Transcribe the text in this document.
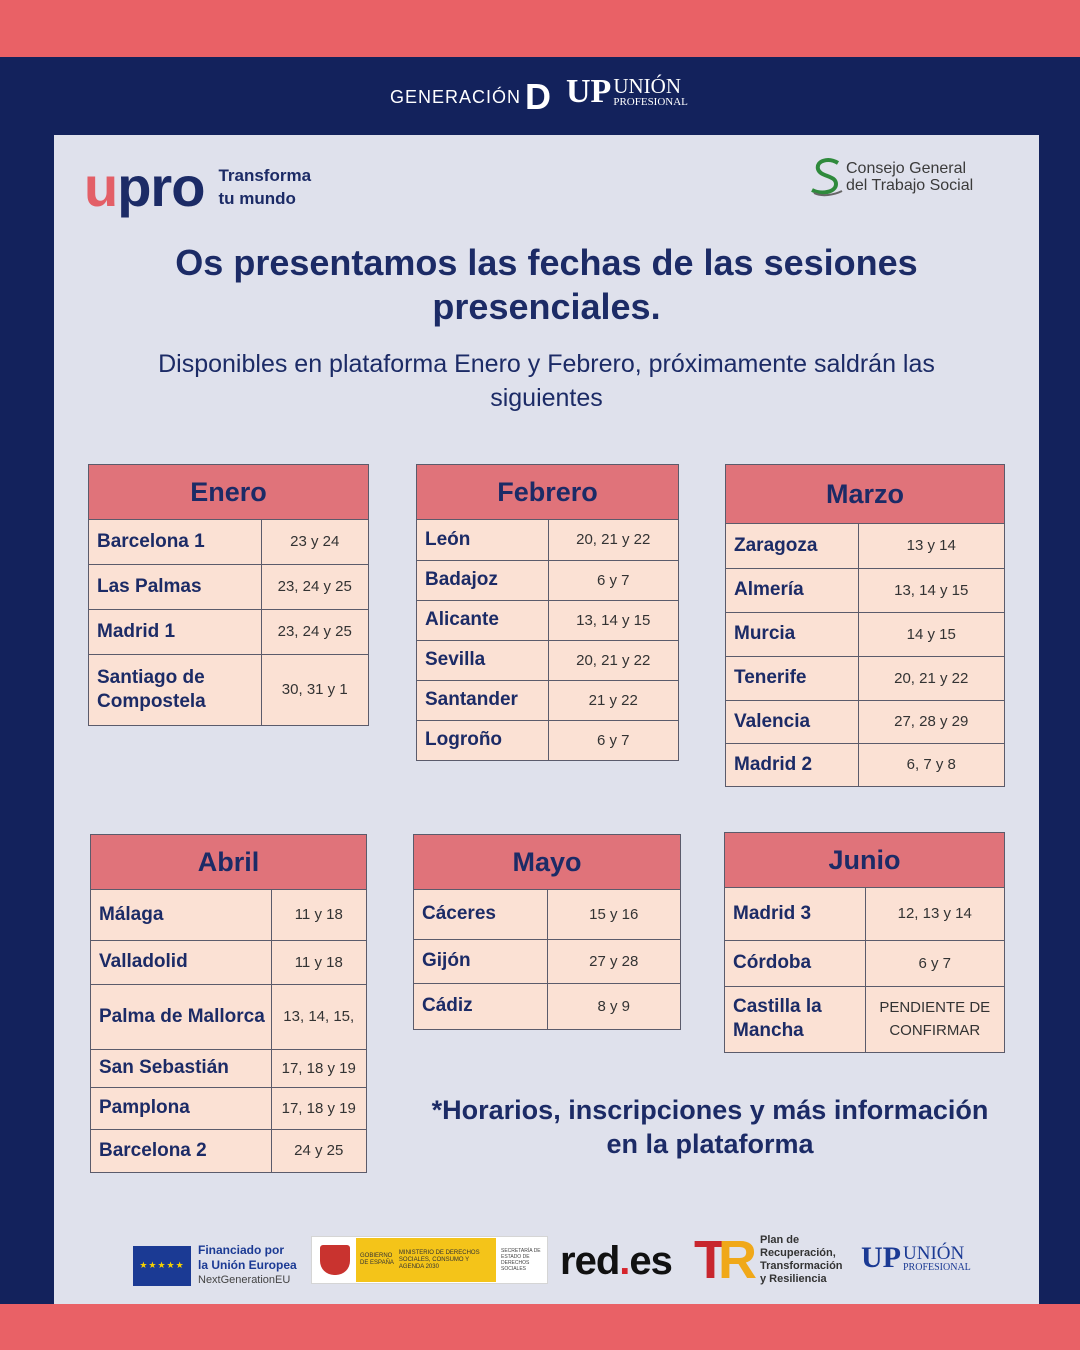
GENERACIÓN D UP UNIÓN
PROFESIONAL
upro Transforma
tu mundo
Consejo General
del Trabajo Social
Os presentamos las fechas de las sesiones
presenciales.
Disponibles en plataforma Enero y Febrero, próximamente saldrán las
siguientes
Enero
Barcelona 1	23 y 24
Las Palmas	23, 24 y 25
Madrid 1	23, 24 y 25
Santiago de Compostela	30, 31 y 1
Febrero
León	20, 21 y 22
Badajoz	6 y 7
Alicante	13, 14 y 15
Sevilla	20, 21 y 22
Santander	21 y 22
Logroño	6 y 7
Marzo
Zaragoza	13 y 14
Almería	13, 14 y 15
Murcia	14 y 15
Tenerife	20, 21 y 22
Valencia	27, 28 y 29
Madrid 2	6, 7 y 8
Abril
Málaga	11 y 18
Valladolid	11 y 18
Palma de Mallorca	13, 14, 15,
San Sebastián	17, 18 y 19
Pamplona	17, 18 y 19
Barcelona 2	24 y 25
Mayo
Cáceres	15 y 16
Gijón	27 y 28
Cádiz	8 y 9
Junio
Madrid 3	12, 13 y 14
Córdoba	6 y 7
Castilla la Mancha	PENDIENTE DE CONFIRMAR
*Horarios, inscripciones y más información
en la plataforma
★★★★★
Financiado por
la Unión Europea
NextGenerationEU
GOBIERNO DE ESPAÑA
MINISTERIO DE DERECHOS SOCIALES, CONSUMO Y AGENDA 2030
SECRETARÍA DE ESTADO DE DERECHOS SOCIALES red.es T
R Plan de
Recuperación,
Transformación
y Resiliencia
UP UNIÓN
PROFESIONAL
